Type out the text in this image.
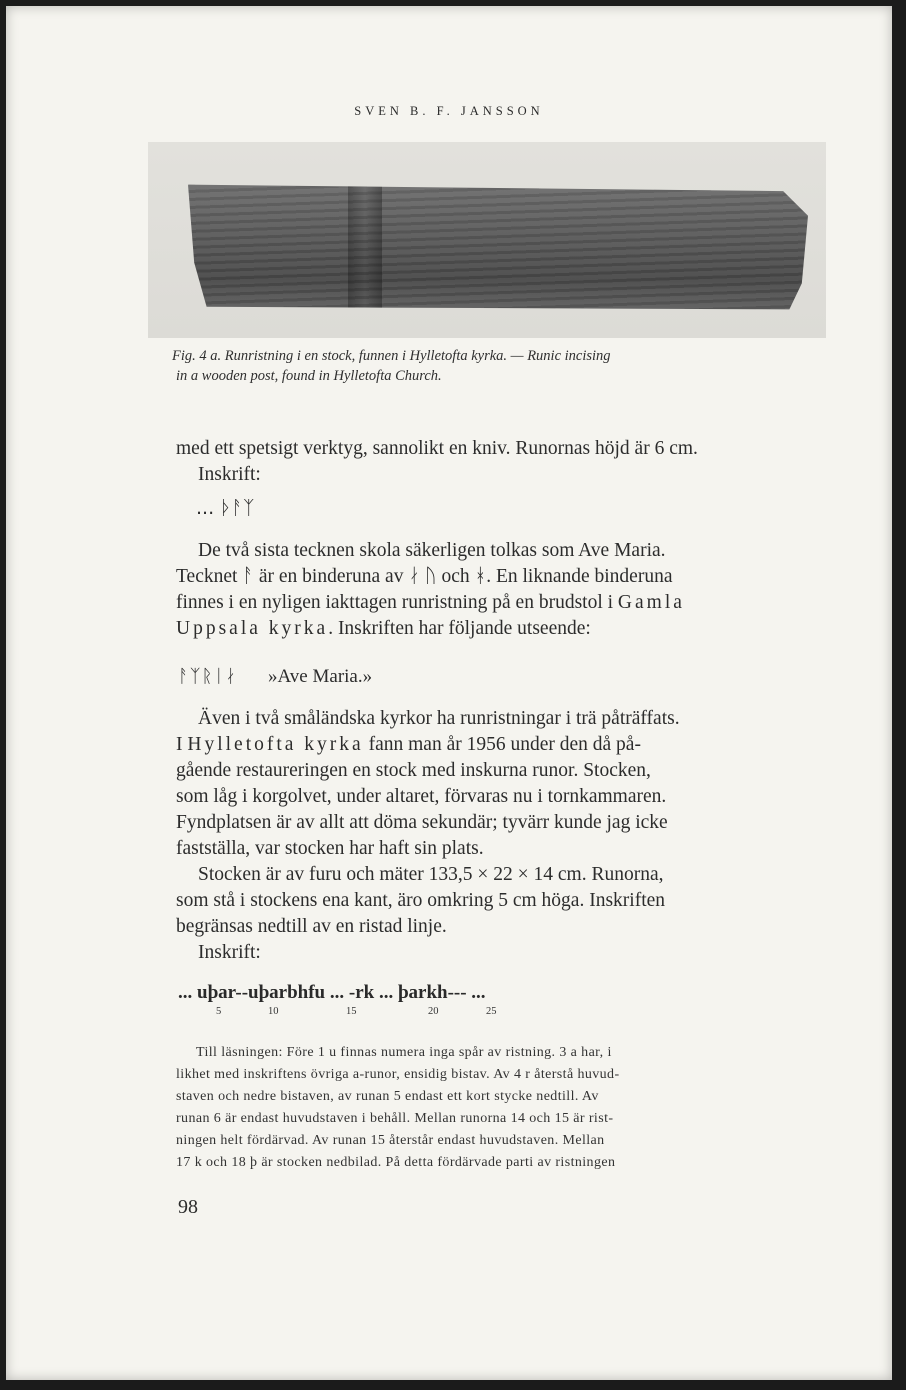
SVEN B. F. JANSSON
Fig. 4 a. Runristning i en stock, funnen i Hylletofta kyrka. — Runic incising
in a wooden post, found in Hylletofta Church.
med ett spetsigt verktyg, sannolikt en kniv. Runornas höjd är 6 cm.
Inskrift:
... ᚦᚨᛉ
De två sista tecknen skola säkerligen tolkas som Ave Maria.
Tecknet ᚨ är en binderuna av ᛅ ᚢ och ᚼ. En liknande binderuna
finnes i en nyligen iakttagen runristning på en brudstol i Gamla
Uppsala kyrka. Inskriften har följande utseende:
ᚨᛉᚱᛁᛅ »Ave Maria.»
Även i två småländska kyrkor ha runristningar i trä påträffats.
I Hylletofta kyrka fann man år 1956 under den då på-
gående restaureringen en stock med inskurna runor. Stocken,
som låg i korgolvet, under altaret, förvaras nu i tornkammaren.
Fyndplatsen är av allt att döma sekundär; tyvärr kunde jag icke
fastställa, var stocken har haft sin plats.
Stocken är av furu och mäter 133,5 × 22 × 14 cm. Runorna,
som stå i stockens ena kant, äro omkring 5 cm höga. Inskriften
begränsas nedtill av en ristad linje.
Inskrift:
... uþar--uþarbhfu ... -rk ... þarkh--- ...
5	10	15	20	25
Till läsningen: Före 1 u finnas numera inga spår av ristning. 3 a har, i
likhet med inskriftens övriga a-runor, ensidig bistav. Av 4 r återstå huvud-
staven och nedre bistaven, av runan 5 endast ett kort stycke nedtill. Av
runan 6 är endast huvudstaven i behåll. Mellan runorna 14 och 15 är rist-
ningen helt fördärvad. Av runan 15 återstår endast huvudstaven. Mellan
17 k och 18 þ är stocken nedbilad. På detta fördärvade parti av ristningen
98
